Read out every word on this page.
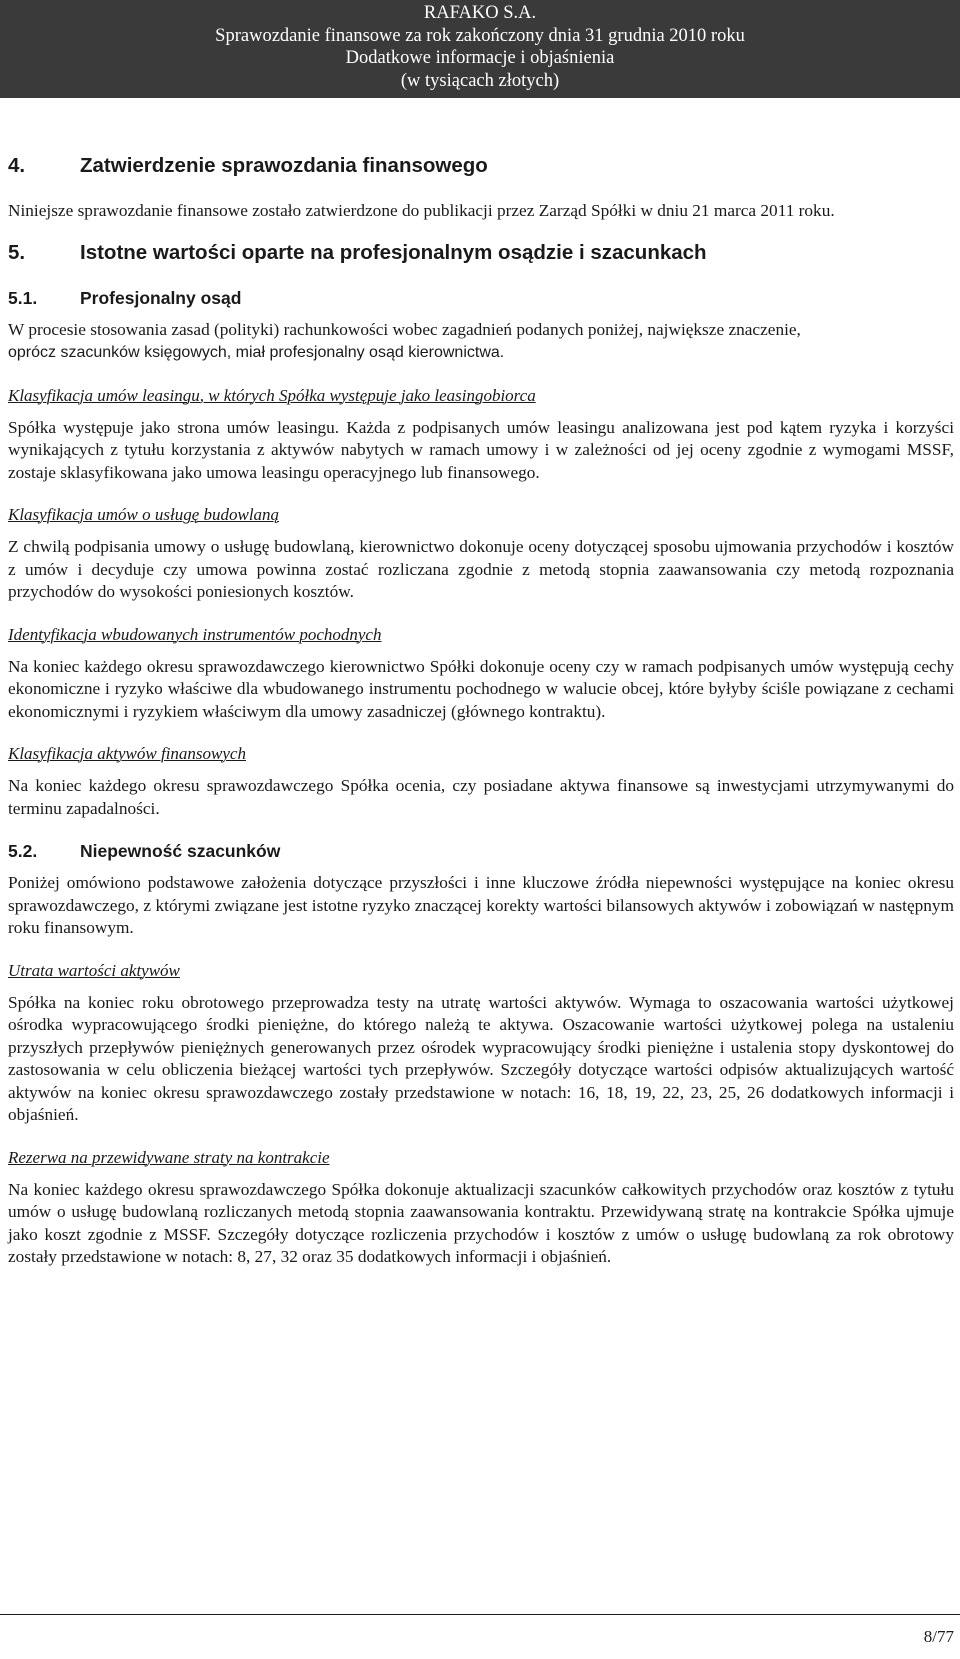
RAFAKO S.A.
Sprawozdanie finansowe za rok zakończony dnia 31 grudnia 2010 roku
Dodatkowe informacje i objaśnienia
(w tysiącach złotych)
4.	Zatwierdzenie sprawozdania finansowego

Niniejsze sprawozdanie finansowe zostało zatwierdzone do publikacji przez Zarząd Spółki w dniu 21 marca 2011 roku.

5.	Istotne wartości oparte na profesjonalnym osądzie i szacunkach
5.1. Profesjonalny osąd

W procesie stosowania zasad (polityki) rachunkowości wobec zagadnień podanych poniżej, największe znaczenie,
oprócz szacunków księgowych, miał profesjonalny osąd kierownictwa.

Klasyfikacja umów leasingu, w których Spółka występuje jako leasingobiorca

Spółka występuje jako strona umów leasingu. Każda z podpisanych umów leasingu analizowana jest pod kątem ryzyka i korzyści wynikających z tytułu korzystania z aktywów nabytych w ramach umowy i w zależności od jej oceny zgodnie z wymogami MSSF, zostaje sklasyfikowana jako umowa leasingu operacyjnego lub finansowego.

Klasyfikacja umów o usługę budowlaną

Z chwilą podpisania umowy o usługę budowlaną, kierownictwo dokonuje oceny dotyczącej sposobu ujmowania przychodów i kosztów z umów i decyduje czy umowa powinna zostać rozliczana zgodnie z metodą stopnia zaawansowania czy metodą rozpoznania przychodów do wysokości poniesionych kosztów.

Identyfikacja wbudowanych instrumentów pochodnych

Na koniec każdego okresu sprawozdawczego kierownictwo Spółki dokonuje oceny czy w ramach podpisanych umów występują cechy ekonomiczne i ryzyko właściwe dla wbudowanego instrumentu pochodnego w walucie obcej, które byłyby ściśle powiązane z cechami ekonomicznymi i ryzykiem właściwym dla umowy zasadniczej (głównego kontraktu).

Klasyfikacja aktywów finansowych

Na koniec każdego okresu sprawozdawczego Spółka ocenia, czy posiadane aktywa finansowe są inwestycjami utrzymywanymi do terminu zapadalności.

5.2. Niepewność szacunków

Poniżej omówiono podstawowe założenia dotyczące przyszłości i inne kluczowe źródła niepewności występujące na koniec okresu sprawozdawczego, z którymi związane jest istotne ryzyko znaczącej korekty wartości bilansowych aktywów i zobowiązań w następnym roku finansowym.

Utrata wartości aktywów

Spółka na koniec roku obrotowego przeprowadza testy na utratę wartości aktywów. Wymaga to oszacowania wartości użytkowej ośrodka wypracowującego środki pieniężne, do którego należą te aktywa. Oszacowanie wartości użytkowej polega na ustaleniu przyszłych przepływów pieniężnych generowanych przez ośrodek wypracowujący środki pieniężne i ustalenia stopy dyskontowej do zastosowania w celu obliczenia bieżącej wartości tych przepływów. Szczegóły dotyczące wartości odpisów aktualizujących wartość aktywów na koniec okresu sprawozdawczego zostały przedstawione w notach: 16, 18, 19, 22, 23, 25, 26 dodatkowych informacji i objaśnień.

Rezerwa na przewidywane straty na kontrakcie

Na koniec każdego okresu sprawozdawczego Spółka dokonuje aktualizacji szacunków całkowitych przychodów oraz kosztów z tytułu umów o usługę budowlaną rozliczanych metodą stopnia zaawansowania kontraktu. Przewidywaną stratę na kontrakcie Spółka ujmuje jako koszt zgodnie z MSSF. Szczegóły dotyczące rozliczenia przychodów i kosztów z umów o usługę budowlaną za rok obrotowy zostały przedstawione w notach: 8, 27, 32 oraz 35 dodatkowych informacji i objaśnień.

8/77
